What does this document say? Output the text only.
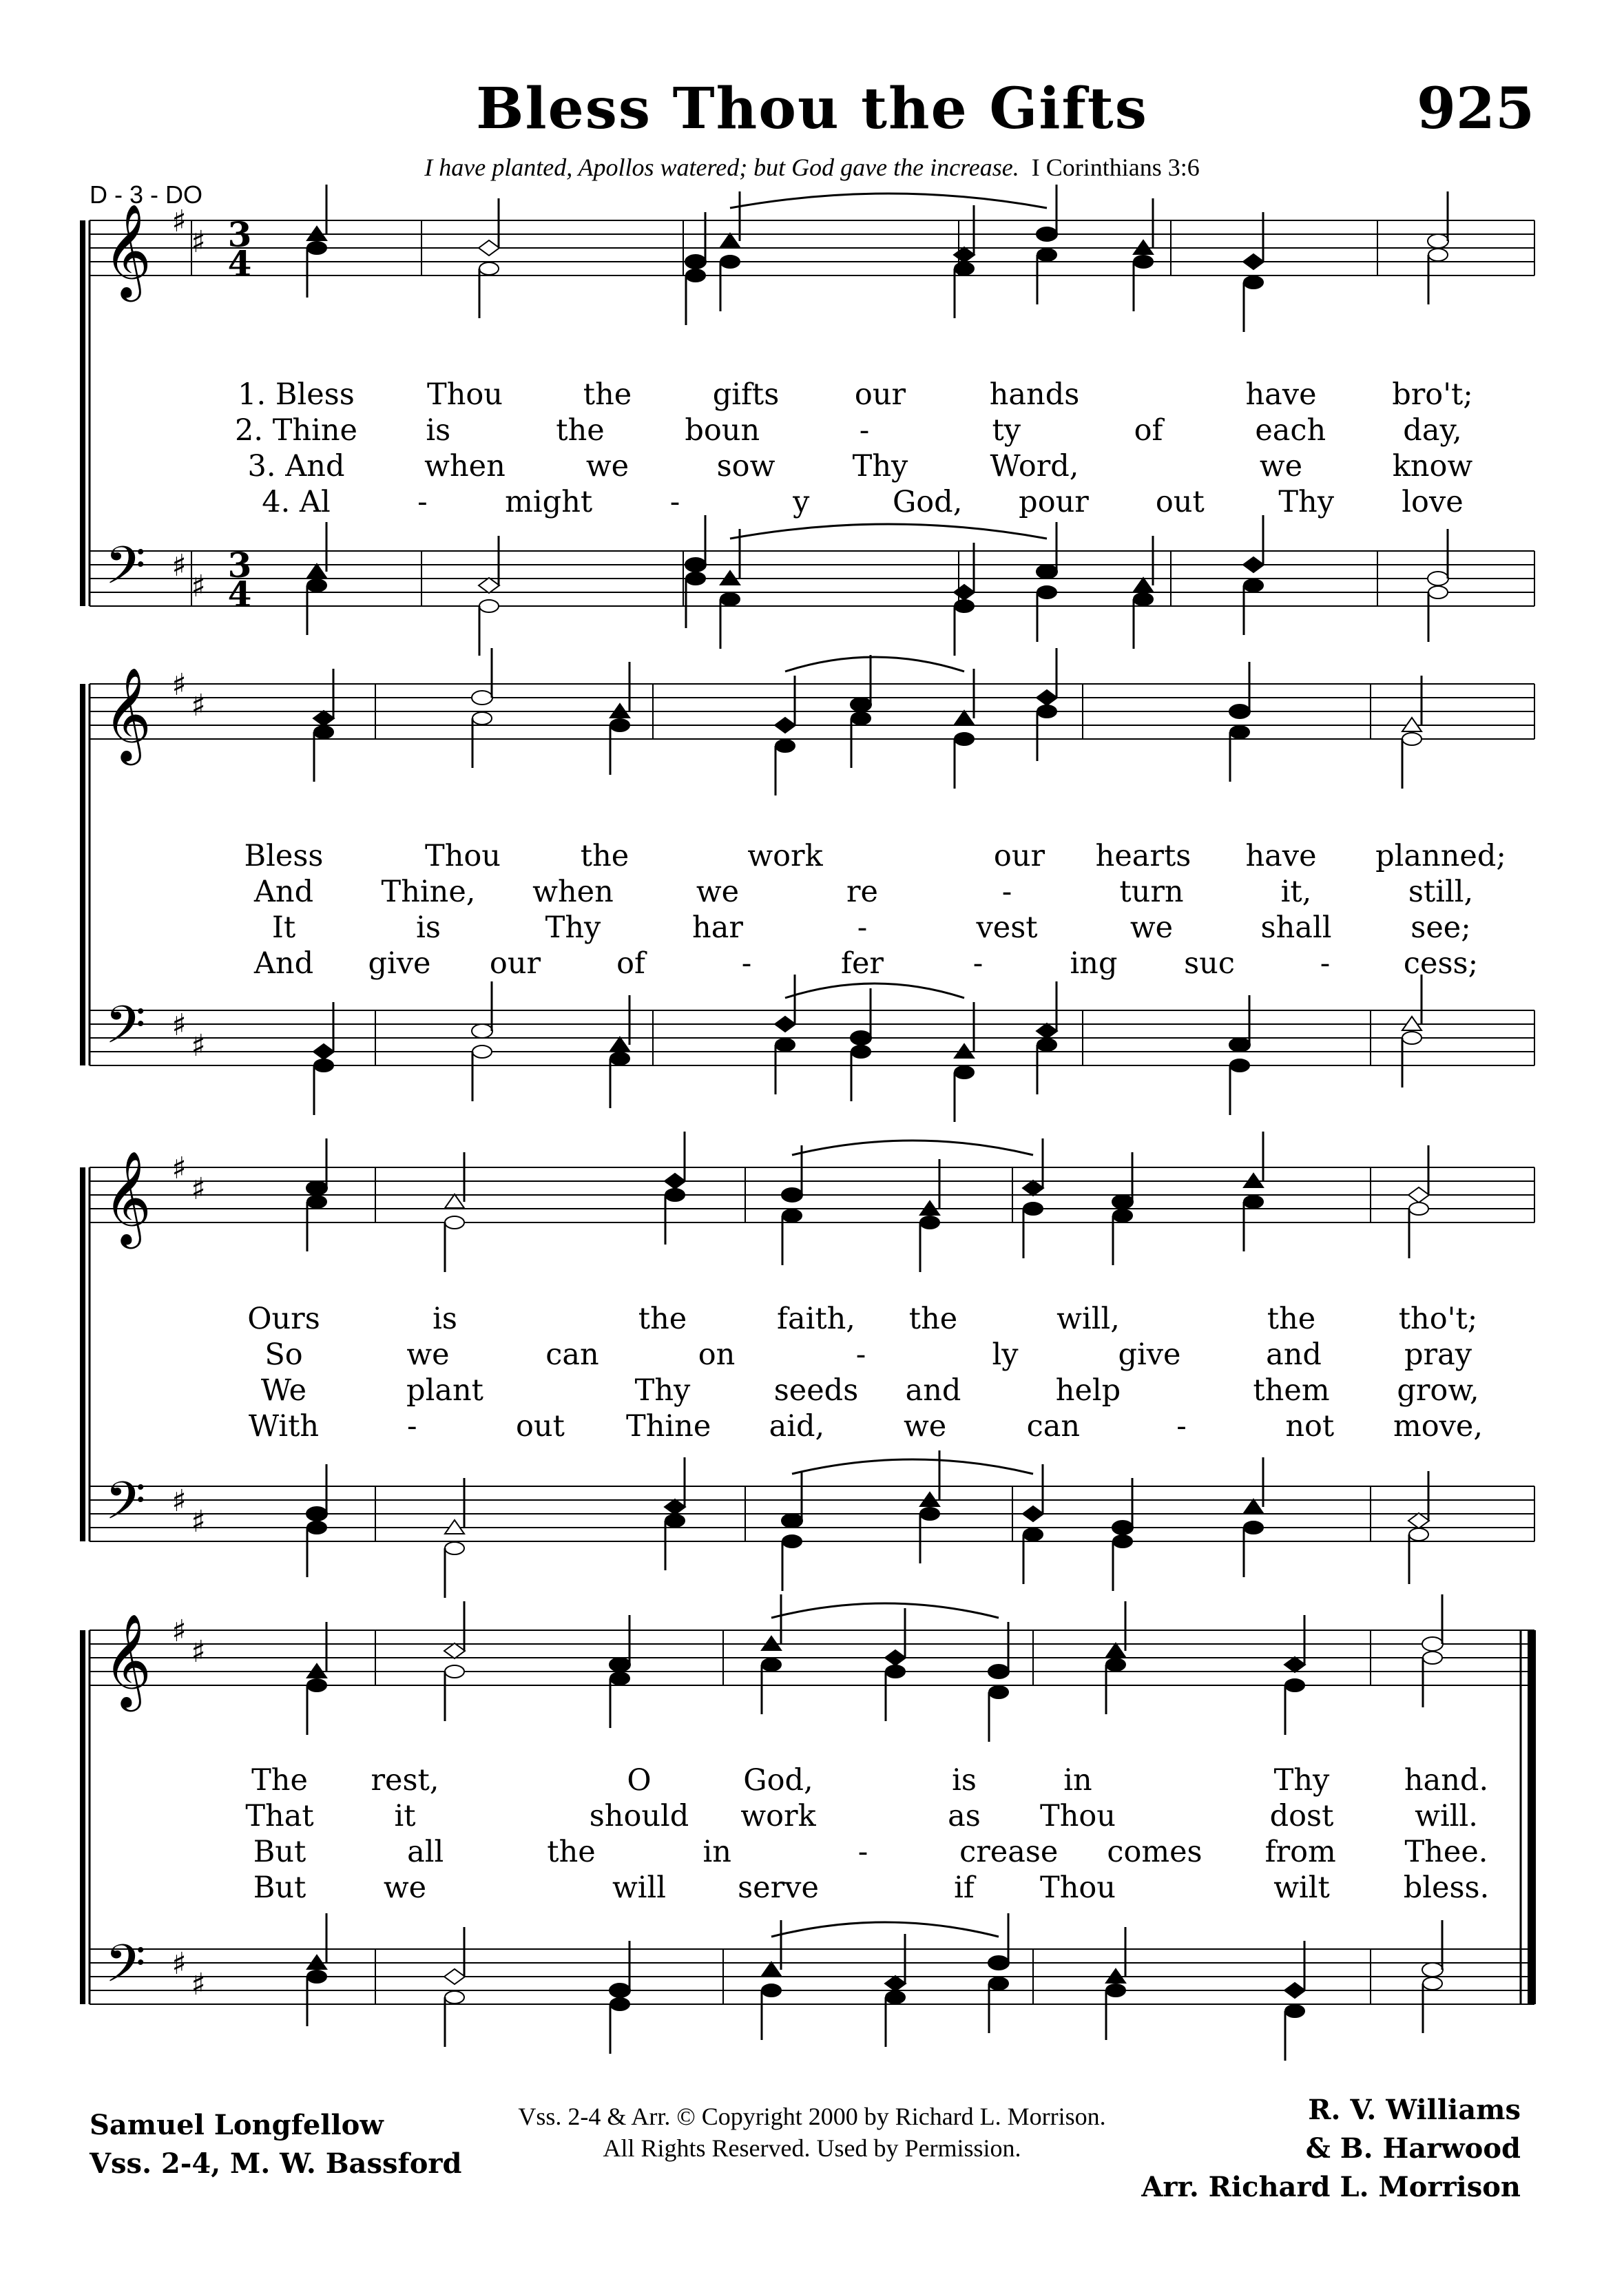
Bless Thou the Gifts	925
I have planted, Apollos watered; but God gave the increase. I Corinthians 3:6
D - 3 - DO
𝄞 ♯
♯ 3
4
𝄢 ♯
♯
3
4
𝄞 ♯
♯
𝄢 ♯
♯
𝄞 ♯
♯
𝄢 ♯
♯
𝄞 ♯
♯
𝄢 ♯
♯
1. Bless Thou	the	gifts	our	hands	have	bro't;
2. Thine is	the	boun	-	ty	of	each	day,
3. And	when	we	sow	Thy	Word,	we	know
4. Al	-	might	-	y	God, pour out	Thy love
Bless	Thou	the	work	our hearts have planned;
And Thine, when	we	re	-	turn	it,	still,
It	is	Thy	har	-	vest	we	shall	see;
And give our	of	-	fer	-	ing suc	- cess;
Ours	is	the	faith, the	will,	the	tho't;
So	we	can	on	-	ly	give	and	pray
We	plant	Thy	seeds and	help	them grow,
With	-	out Thine aid,	we	can	-	not move,
The rest,	O	God,	is	in	Thy	hand.
That	it	should work	as Thou	dost	will.
But	all	the	in	-	crease comes from Thee.
But	we	will serve	if Thou	wilt bless.
Samuel Longfellow
Vss. 2-4, M. W. Bassford
Vss. 2-4 & Arr. © Copyright 2000 by Richard L. Morrison.
All Rights Reserved. Used by Permission.
R. V. Williams
& B. Harwood
Arr. Richard L. Morrison
